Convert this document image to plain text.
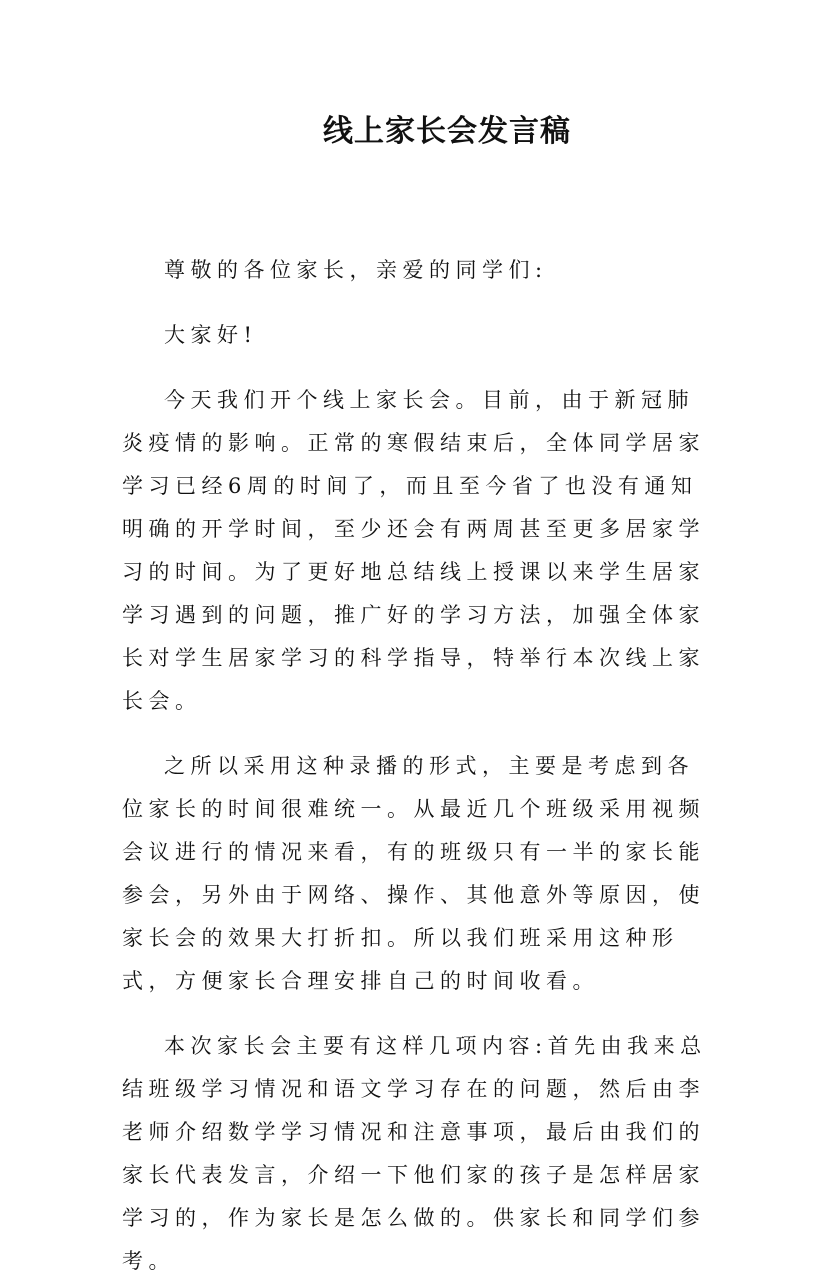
线上家长会发言稿
尊敬的各位家长，亲爱的同学们:
大家好!
今天我们开个线上家长会。目前，由于新冠肺炎疫情的影响。正常的寒假结束后，全体同学居家学习已经6周的时间了，而且至今省了也没有通知明确的开学时间，至少还会有两周甚至更多居家学习的时间。为了更好地总结线上授课以来学生居家学习遇到的问题，推广好的学习方法，加强全体家长对学生居家学习的科学指导，特举行本次线上家长会。
之所以采用这种录播的形式，主要是考虑到各位家长的时间很难统一。从最近几个班级采用视频会议进行的情况来看，有的班级只有一半的家长能参会，另外由于网络、操作、其他意外等原因，使家长会的效果大打折扣。所以我们班采用这种形式，方便家长合理安排自己的时间收看。
本次家长会主要有这样几项内容:首先由我来总结班级学习情况和语文学习存在的问题，然后由李老师介绍数学学习情况和注意事项，最后由我们的家长代表发言，介绍一下他们家的孩子是怎样居家学习的，作为家长是怎么做的。供家长和同学们参考。
